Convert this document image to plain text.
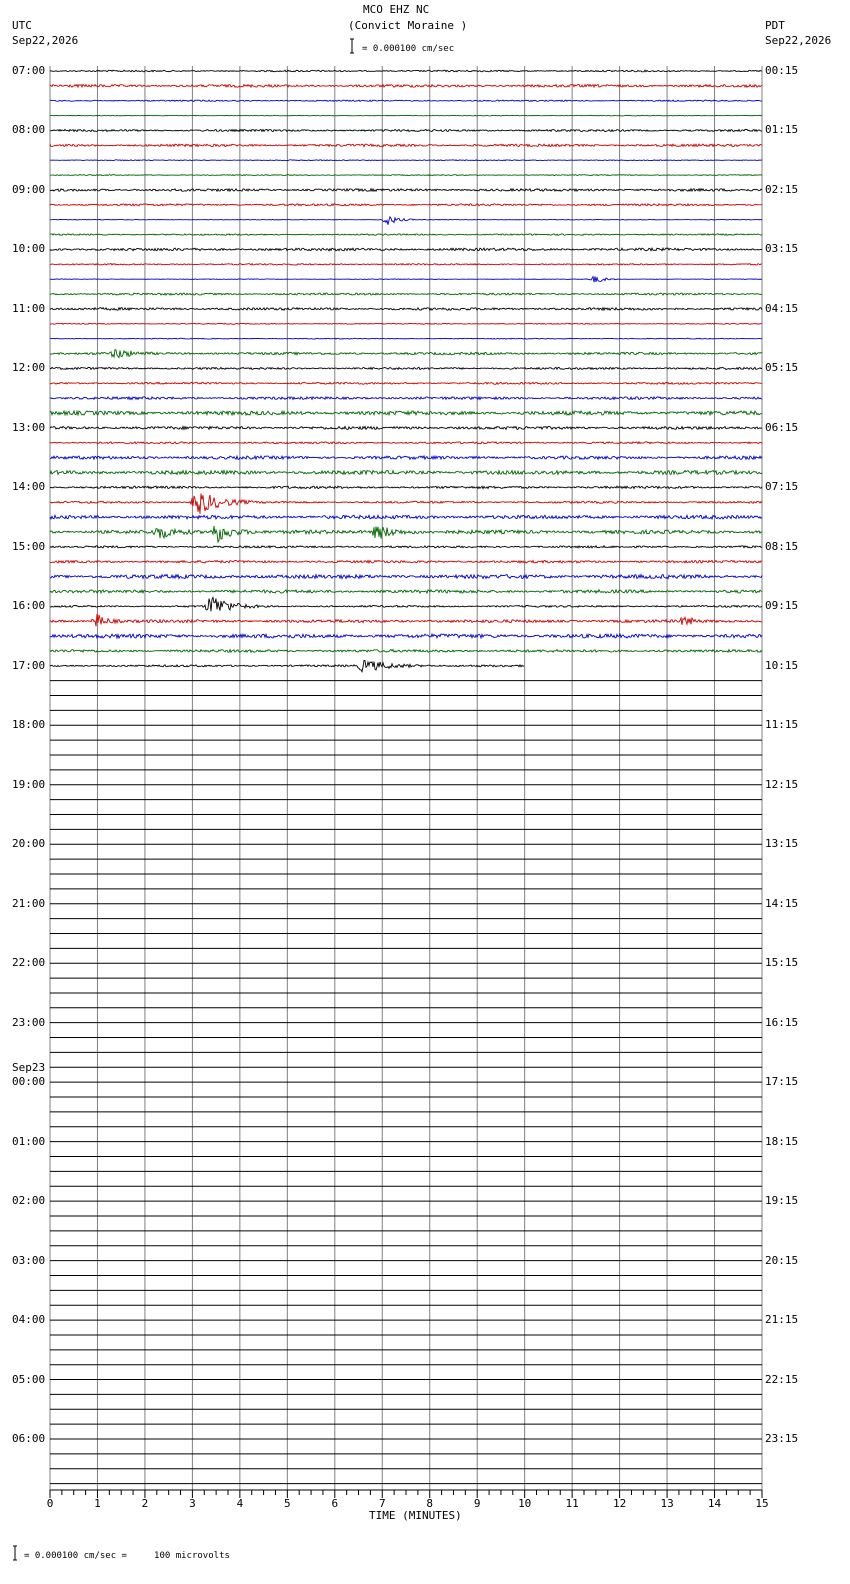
MCO EHZ NC
(Convict Moraine )
= 0.000100 cm/sec
UTC
Sep22,2026
PDT
Sep22,2026
07:00
08:00
09:00
10:00
11:00
12:00
13:00
14:00
15:00
16:00
17:00
18:00
19:00
20:00
21:00
22:00
23:00
Sep23
00:00
01:00
02:00
03:00
04:00
05:00
06:00
00:15
01:15
02:15
03:15
04:15
05:15
06:15
07:15
08:15
09:15
10:15
11:15
12:15
13:15
14:15
15:15
16:15
17:15
18:15
19:15
20:15
21:15
22:15
23:15
0	1	2	3	4	5	6	7	8	9	10	11	12	13	14	15
TIME (MINUTES)
= 0.000100 cm/sec =     100 microvolts
